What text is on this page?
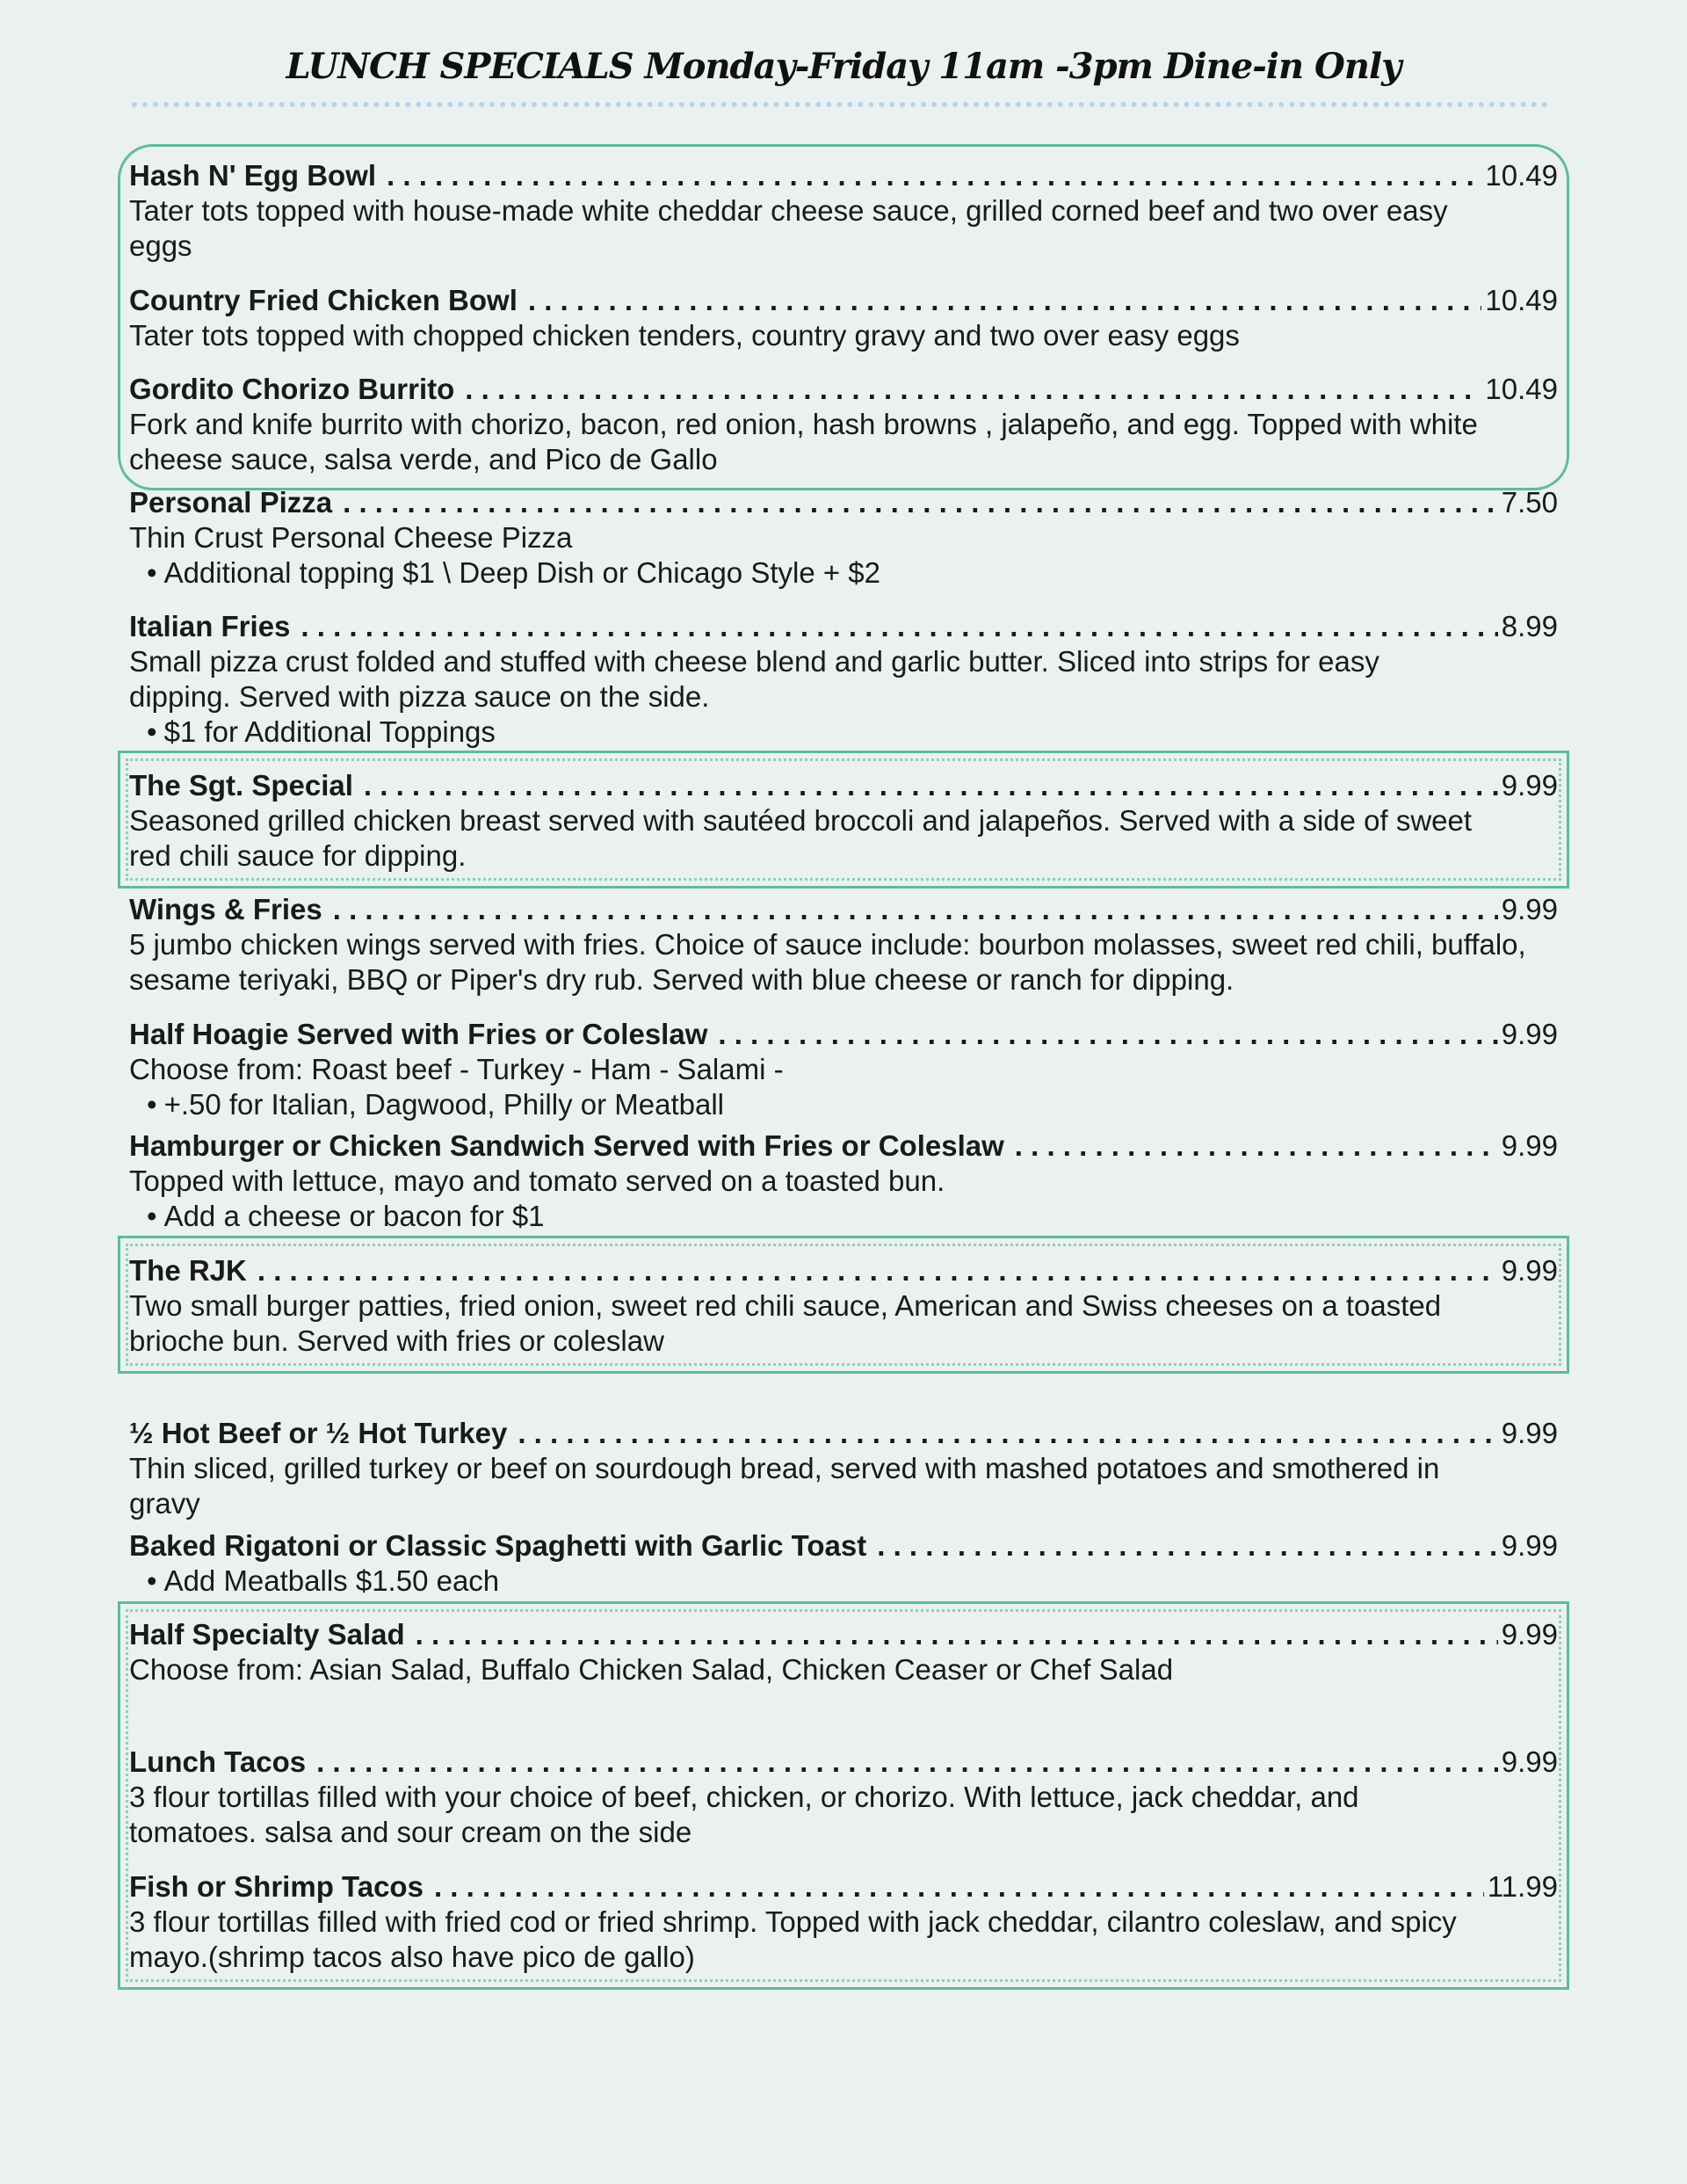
LUNCH SPECIALS Monday-Friday 11am -3pm Dine-in Only
Hash N' Egg Bowl . . .	10.49
Tater tots topped with house-made white cheddar cheese sauce, grilled corned beef and two over easy eggs
Country Fried Chicken Bowl . . .	10.49
Tater tots topped with chopped chicken tenders, country gravy and two over easy eggs
Gordito Chorizo Burrito . . .	10.49
Fork and knife burrito with chorizo, bacon, red onion, hash browns , jalapeño, and egg. Topped with white cheese sauce, salsa verde, and Pico de Gallo
Personal Pizza . . .	7.50
Thin Crust Personal Cheese Pizza
• Additional topping $1 \ Deep Dish or Chicago Style + $2
Italian Fries . . .	8.99
Small pizza crust folded and stuffed with cheese blend and garlic butter. Sliced into strips for easy dipping. Served with pizza sauce on the side.
• $1 for Additional Toppings
The Sgt. Special . . .	9.99
Seasoned grilled chicken breast served with sautéed broccoli and jalapeños. Served with a side of sweet red chili sauce for dipping.
Wings & Fries . . .	9.99
5 jumbo chicken wings served with fries. Choice of sauce include: bourbon molasses, sweet red chili, buffalo, sesame teriyaki, BBQ or Piper's dry rub. Served with blue cheese or ranch for dipping.
Half Hoagie Served with Fries or Coleslaw . . .	9.99
Choose from: Roast beef - Turkey - Ham - Salami -
• +.50 for Italian, Dagwood, Philly or Meatball
Hamburger or Chicken Sandwich Served with Fries or Coleslaw . . .	9.99
Topped with lettuce, mayo and tomato served on a toasted bun.
• Add a cheese or bacon for $1
The RJK . . .	9.99
Two small burger patties, fried onion, sweet red chili sauce, American and Swiss cheeses on a toasted brioche bun. Served with fries or coleslaw
½ Hot Beef or ½ Hot Turkey . . .	9.99
Thin sliced, grilled turkey or beef on sourdough bread, served with mashed potatoes and smothered in gravy
Baked Rigatoni or Classic Spaghetti with Garlic Toast . . .	9.99
• Add Meatballs $1.50 each
Half Specialty Salad . . .	9.99
Choose from: Asian Salad, Buffalo Chicken Salad, Chicken Ceaser or Chef Salad
Lunch Tacos . . .	9.99
3 flour tortillas filled with your choice of beef, chicken, or chorizo. With lettuce, jack cheddar, and tomatoes. salsa and sour cream on the side
Fish or Shrimp Tacos . . .	11.99
3 flour tortillas filled with fried cod or fried shrimp. Topped with jack cheddar, cilantro coleslaw, and spicy mayo.(shrimp tacos also have pico de gallo)
